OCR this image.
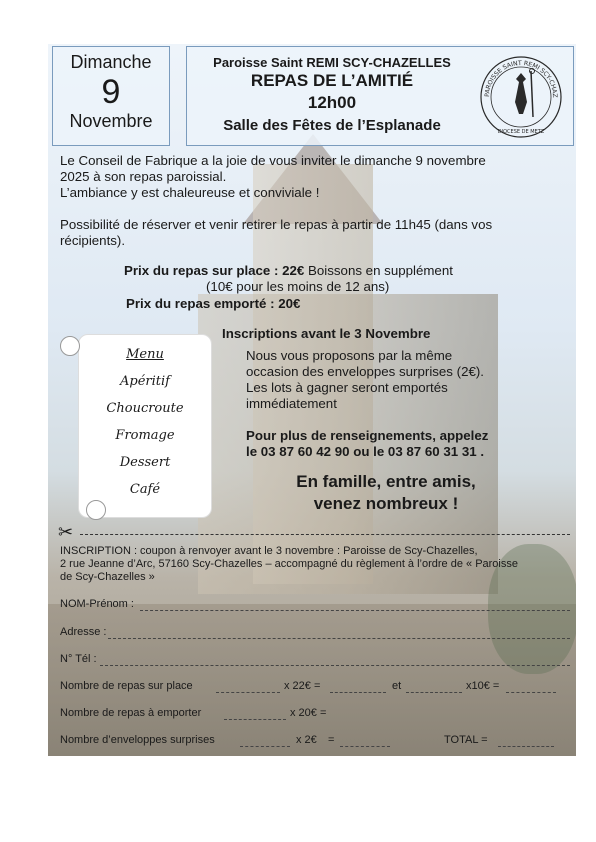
Dimanche
9
Novembre
Paroisse Saint REMI SCY-CHAZELLES
REPAS DE L’AMITIÉ
12h00
Salle des Fêtes de l’Esplanade
PAROISSE SAINT REMI SCY-CHAZ
DIOCESE DE METZ
Le Conseil de Fabrique a la joie de vous inviter le dimanche 9 novembre
2025 à son repas paroissial.
L’ambiance y est chaleureuse et conviviale !
Possibilité de réserver et venir retirer le repas à partir de 11h45 (dans vos
récipients).
Prix du repas sur place : 22€ Boissons en supplément
(10€ pour les moins de 12 ans)
Prix du repas emporté : 20€
Inscriptions avant le 3 Novembre
Menu
Apéritif
Choucroute
Fromage
Dessert
Café
Nous vous proposons par la même
occasion des enveloppes surprises (2€).
Les lots à gagner seront emportés
immédiatement
Pour plus de renseignements, appelez
le 03 87 60 42 90 ou le 03 87 60 31 31 .
En famille, entre amis,
venez nombreux !
✂
INSCRIPTION : coupon à renvoyer avant le 3 novembre : Paroisse de Scy-Chazelles,
2 rue Jeanne d’Arc, 57160 Scy-Chazelles – accompagné du règlement à l’ordre de « Paroisse
de Scy-Chazelles »
NOM-Prénom :
Adresse :
N° Tél :
Nombre de repas sur place	x 22€ =	et	x10€ =
Nombre de repas à emporter	x 20€ =
Nombre d’enveloppes surprises	x 2€ =	TOTAL =
